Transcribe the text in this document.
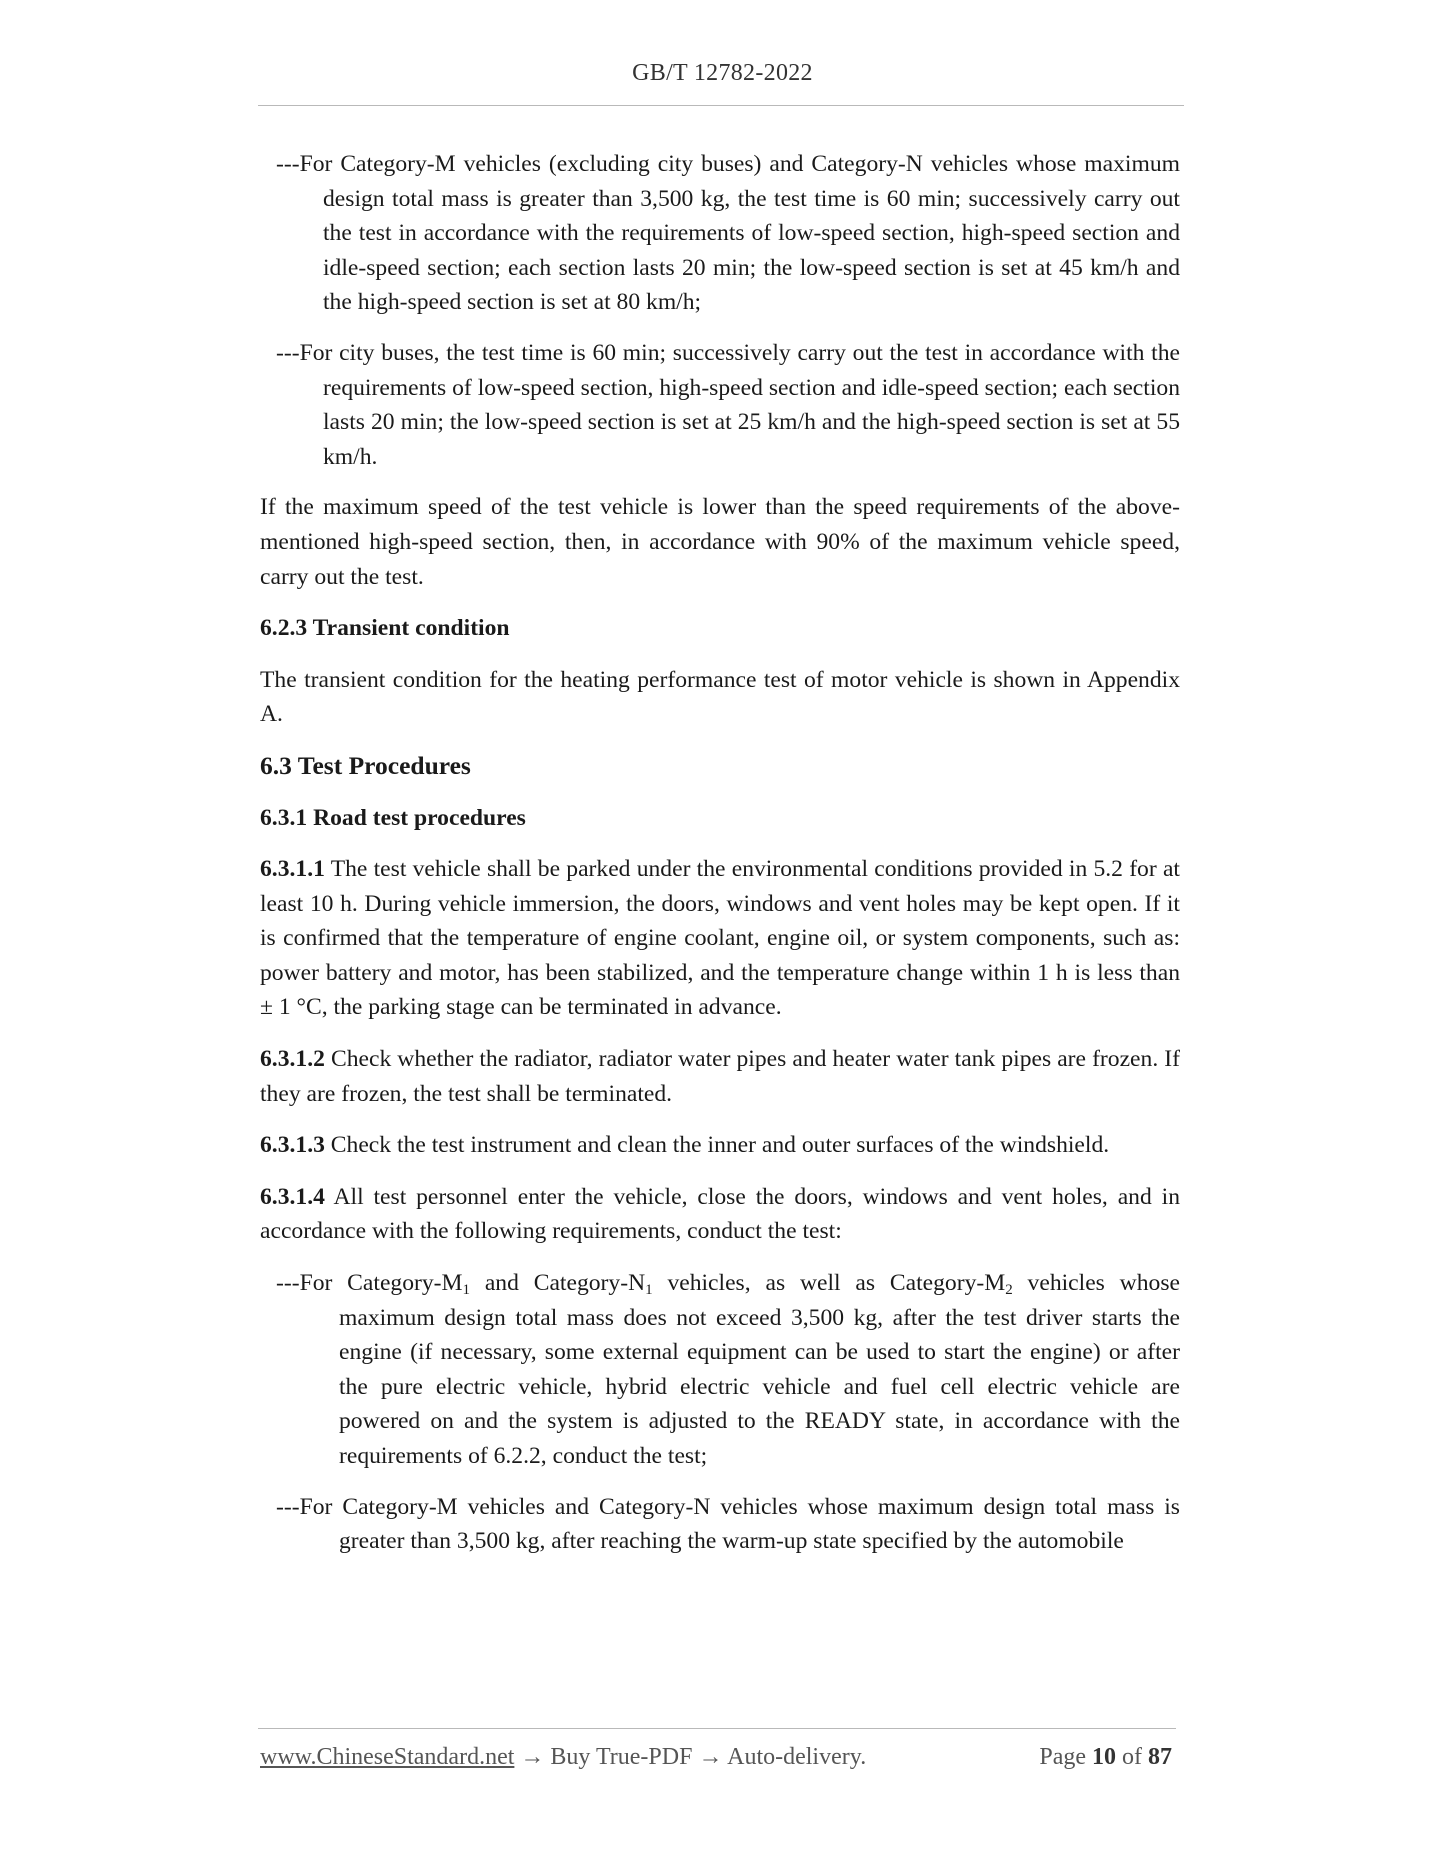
GB/T 12782-2022

---For Category-M vehicles (excluding city buses) and Category-N vehicles whose maximum design total mass is greater than 3,500 kg, the test time is 60 min; successively carry out the test in accordance with the requirements of low-speed section, high-speed section and idle-speed section; each section lasts 20 min; the low-speed section is set at 45 km/h and the high-speed section is set at 80 km/h;

---For city buses, the test time is 60 min; successively carry out the test in accordance with the requirements of low-speed section, high-speed section and idle-speed section; each section lasts 20 min; the low-speed section is set at 25 km/h and the high-speed section is set at 55 km/h.

If the maximum speed of the test vehicle is lower than the speed requirements of the above-mentioned high-speed section, then, in accordance with 90% of the maximum vehicle speed, carry out the test.

6.2.3 Transient condition

The transient condition for the heating performance test of motor vehicle is shown in Appendix A.

6.3 Test Procedures

6.3.1 Road test procedures

6.3.1.1 The test vehicle shall be parked under the environmental conditions provided in 5.2 for at least 10 h. During vehicle immersion, the doors, windows and vent holes may be kept open. If it is confirmed that the temperature of engine coolant, engine oil, or system components, such as: power battery and motor, has been stabilized, and the temperature change within 1 h is less than ± 1 °C, the parking stage can be terminated in advance.

6.3.1.2 Check whether the radiator, radiator water pipes and heater water tank pipes are frozen. If they are frozen, the test shall be terminated.

6.3.1.3 Check the test instrument and clean the inner and outer surfaces of the windshield.

6.3.1.4 All test personnel enter the vehicle, close the doors, windows and vent holes, and in accordance with the following requirements, conduct the test:

---For Category-$M_1$ and Category-$N_1$ vehicles, as well as Category-$M_2$ vehicles whose maximum design total mass does not exceed 3,500 kg, after the test driver starts the engine (if necessary, some external equipment can be used to start the engine) or after the pure electric vehicle, hybrid electric vehicle and fuel cell electric vehicle are powered on and the system is adjusted to the READY state, in accordance with the requirements of 6.2.2, conduct the test;

---For Category-M vehicles and Category-N vehicles whose maximum design total mass is greater than 3,500 kg, after reaching the warm-up state specified by the automobile

www.ChineseStandard.net → Buy True-PDF → Auto-delivery.	Page 10 of 87
